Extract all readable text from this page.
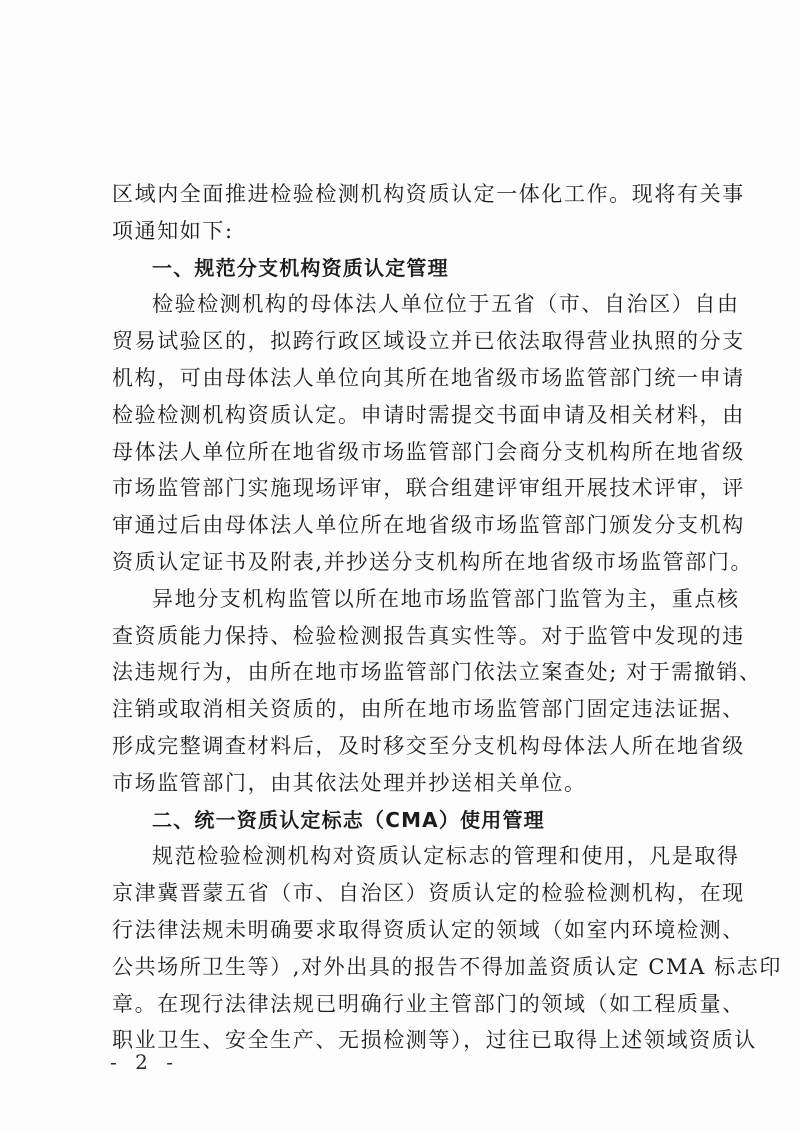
区域内全面推进检验检测机构资质认定一体化工作。现将有关事
项通知如下:
一、规范分支机构资质认定管理
检验检测机构的母体法人单位位于五省（市、自治区）自由
贸易试验区的，拟跨行政区域设立并已依法取得营业执照的分支
机构，可由母体法人单位向其所在地省级市场监管部门统一申请
检验检测机构资质认定。申请时需提交书面申请及相关材料，由
母体法人单位所在地省级市场监管部门会商分支机构所在地省级
市场监管部门实施现场评审，联合组建评审组开展技术评审，评
审通过后由母体法人单位所在地省级市场监管部门颁发分支机构
资质认定证书及附表,并抄送分支机构所在地省级市场监管部门。
异地分支机构监管以所在地市场监管部门监管为主，重点核
查资质能力保持、检验检测报告真实性等。对于监管中发现的违
法违规行为，由所在地市场监管部门依法立案查处; 对于需撤销、
注销或取消相关资质的，由所在地市场监管部门固定违法证据、
形成完整调查材料后，及时移交至分支机构母体法人所在地省级
市场监管部门，由其依法处理并抄送相关单位。
二、统一资质认定标志（CMA）使用管理
规范检验检测机构对资质认定标志的管理和使用，凡是取得
京津冀晋蒙五省（市、自治区）资质认定的检验检测机构，在现
行法律法规未明确要求取得资质认定的领域（如室内环境检测、
公共场所卫生等）,对外出具的报告不得加盖资质认定 CMA 标志印
章。在现行法律法规已明确行业主管部门的领域（如工程质量、
职业卫生、安全生产、无损检测等），过往已取得上述领域资质认
- 2 -
